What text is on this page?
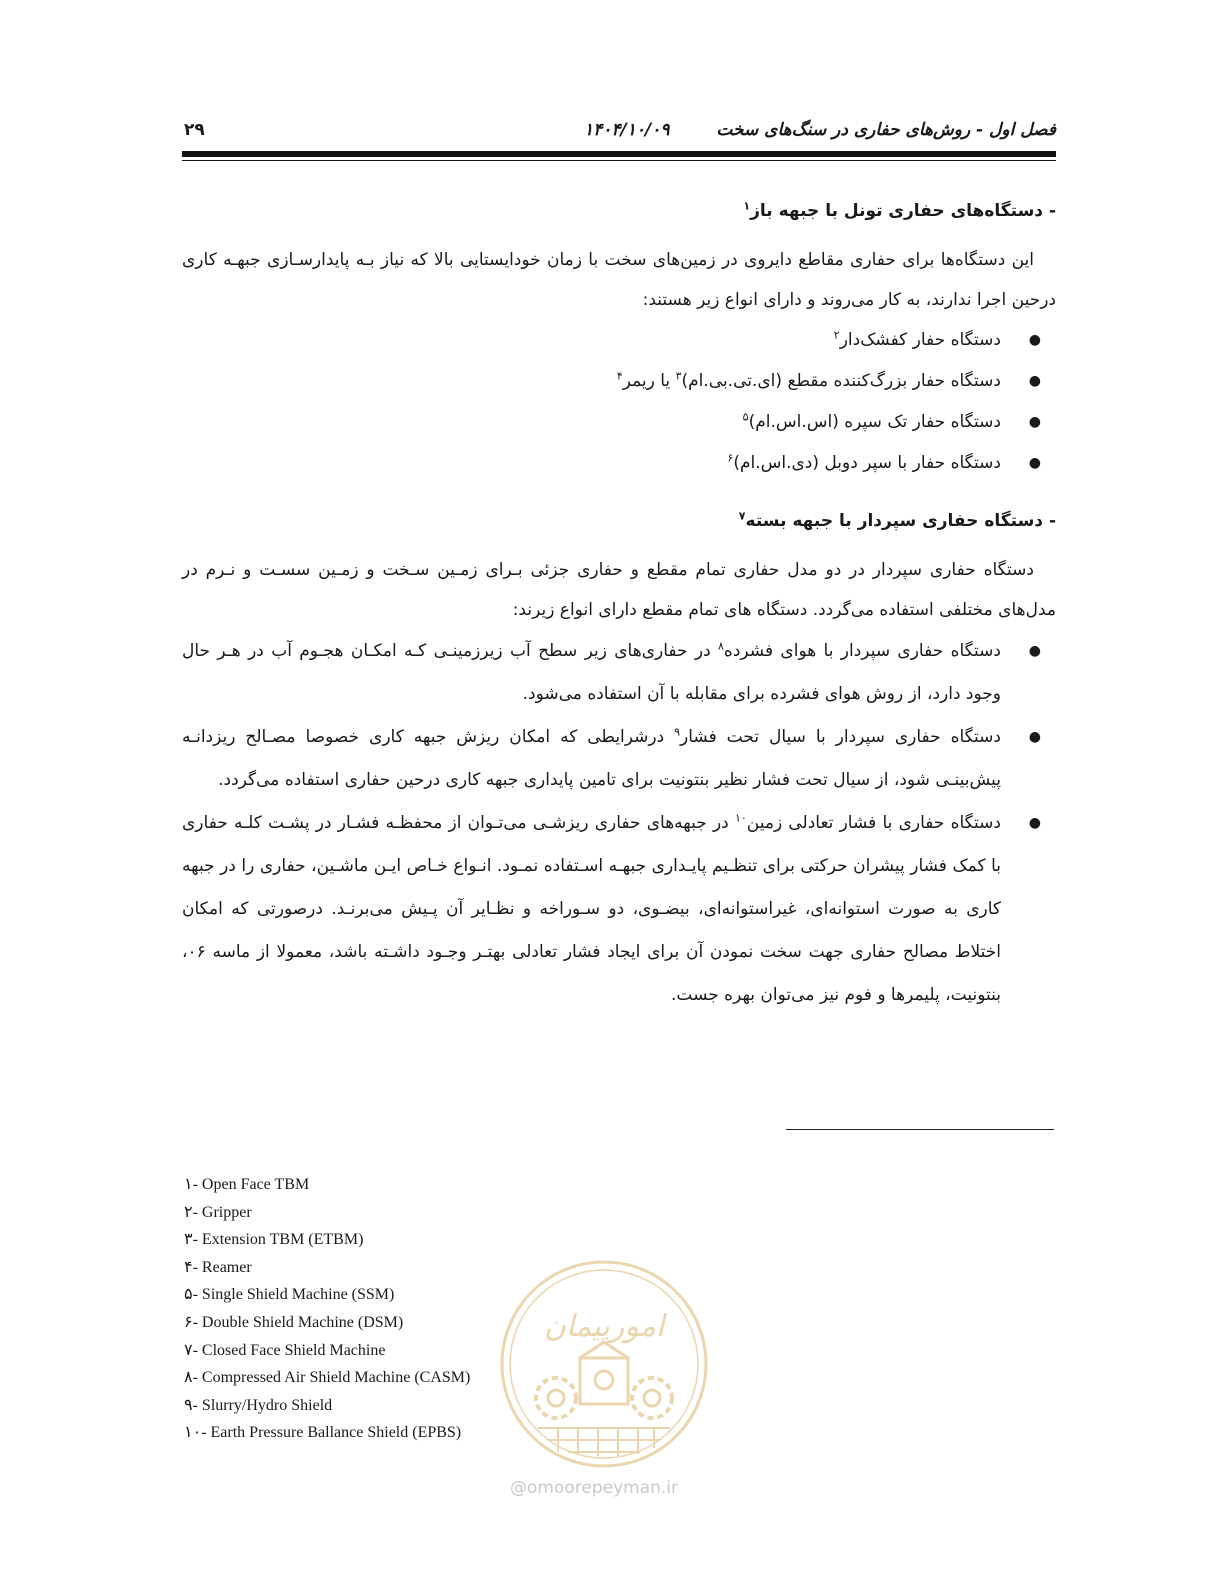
فصل اول - روش‌های حفاری در سنگ‌های سخت
۱۴۰۴/۱۰/۰۹
۲۹
- دستگاه‌های حفاری تونل با جبهه باز$^۱$

این دستگاه‌ها برای حفاری مقاطع دایروی در زمین‌های سخت با زمان خودایستایی بالا که نیاز بـه پایدارسـازی جبهـه کاری درحین اجرا ندارند، به کار می‌روند و دارای انواع زیر هستند:

●
دستگاه حفار کفشک‌دار$^۲$
●
دستگاه حفار بزرگ‌کننده مقطع (ای.تی.بی.ام)$^۳$ یا ریمر$^۴$
●
دستگاه حفار تک سپره (اس.اس.ام)$^۵$
●
دستگاه حفار با سپر دوبل (دی.اس.ام)$^۶$
- دستگاه حفاری سپردار با جبهه بسته$^۷$

دستگاه حفاری سپردار در دو مدل حفاری تمام مقطع و حفاری جزئی بـرای زمـین سـخت و زمـین سسـت و نـرم در مدل‌های مختلفی استفاده می‌گردد. دستگاه های تمام مقطع دارای انواع زیرند:

●
دستگاه حفاری سپردار با هوای فشرده$^۸$ در حفاری‌های زیر سطح آب زیرزمینـی کـه امکـان هجـوم آب در هـر حال وجود دارد، از روش هوای فشرده برای مقابله با آن استفاده می‌شود.
●
دستگاه حفاری سپردار با سیال تحت فشار$^۹$ درشرایطی که امکان ریزش جبهه کاری خصوصا مصـالح ریزدانـه پیش‌بینـی شود، از سیال تحت فشار نظیر بنتونیت برای تامین پایداری جبهه کاری درحین حفاری استفاده می‌گردد.
●
دستگاه حفاری با فشار تعادلی زمین$^{۱۰}$ در جبهه‌های حفاری ریزشـی می‌تـوان از محفظـه فشـار در پشـت کلـه حفاری با کمک فشار پیشران حرکتی برای تنظـیم پایـداری جبهـه اسـتفاده نمـود. انـواع خـاص ایـن ماشـین، حفاری را در جبهه کاری به صورت استوانه‌ای، غیراستوانه‌ای، بیضـوی، دو سـوراخه و نظـایر آن پـیش می‌برنـد. درصورتی که امکان اختلاط مصالح حفاری جهت سخت نمودن آن برای ایجاد فشار تعادلی بهتـر وجـود داشـته باشد، معمولا از ماسه ۰۶، بنتونیت، پلیمرها و فوم نیز می‌توان بهره جست.
۱- Open Face TBM
۲- Gripper
۳- Extension TBM (ETBM)
۴- Reamer
۵- Single Shield Machine (SSM)
۶- Double Shield Machine (DSM)
۷- Closed Face Shield Machine
۸- Compressed Air Shield Machine (CASM)
۹- Slurry/Hydro Shield
۱۰- Earth Pressure Ballance Shield (EPBS)
امورپیمان
@omoorepeyman.ir
